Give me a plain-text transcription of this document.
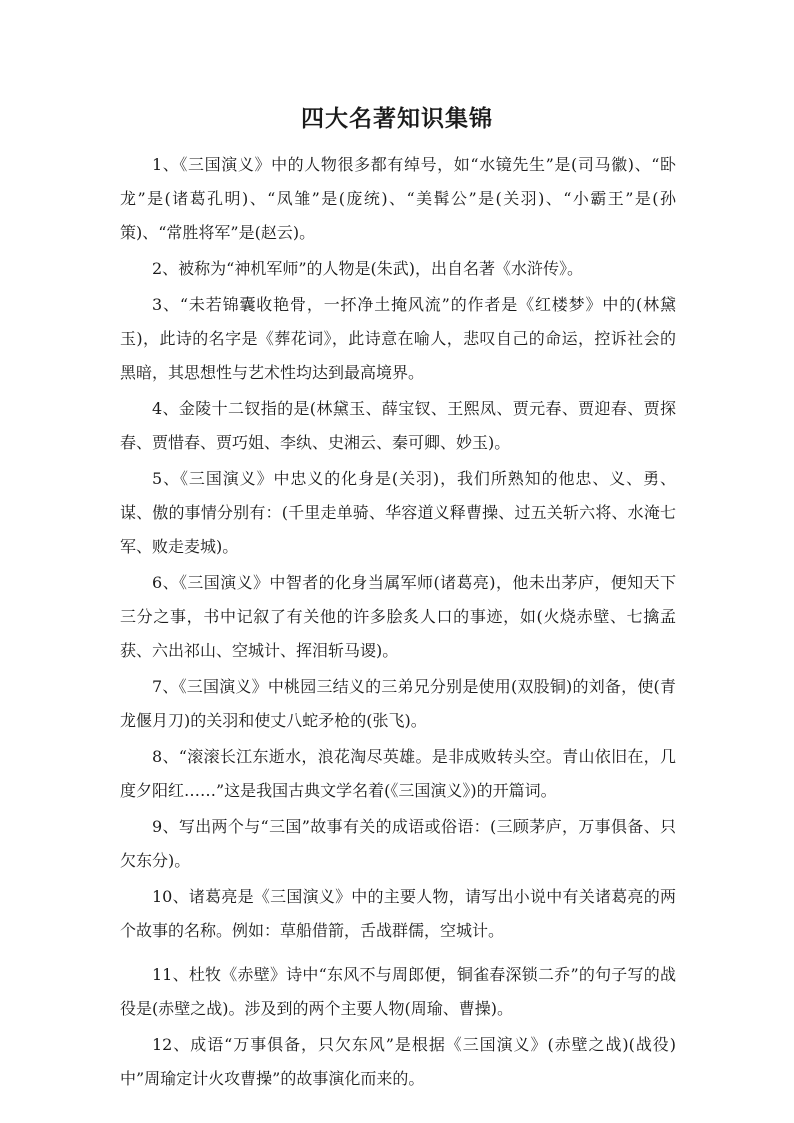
四大名著知识集锦

1、《三国演义》中的人物很多都有绰号，如“水镜先生”是(司马徽)、“卧龙”是(诸葛孔明)、“凤雏”是(庞统)、“美髯公”是(关羽)、“小霸王”是(孙策)、“常胜将军”是(赵云)。

2、被称为“神机军师”的人物是(朱武)，出自名著《水浒传》。

3、“未若锦囊收艳骨，一抔净土掩风流”的作者是《红楼梦》中的(林黛玉)，此诗的名字是《葬花词》，此诗意在喻人，悲叹自己的命运，控诉社会的黑暗，其思想性与艺术性均达到最高境界。

4、金陵十二钗指的是(林黛玉、薛宝钗、王熙凤、贾元春、贾迎春、贾探春、贾惜春、贾巧姐、李纨、史湘云、秦可卿、妙玉)。

5、《三国演义》中忠义的化身是(关羽)，我们所熟知的他忠、义、勇、谋、傲的事情分别有：(千里走单骑、华容道义释曹操、过五关斩六将、水淹七军、败走麦城)。

6、《三国演义》中智者的化身当属军师(诸葛亮)，他未出茅庐，便知天下三分之事，书中记叙了有关他的许多脍炙人口的事迹，如(火烧赤壁、七擒孟获、六出祁山、空城计、挥泪斩马谡)。

7、《三国演义》中桃园三结义的三弟兄分别是使用(双股铜)的刘备，使(青龙偃月刀)的关羽和使丈八蛇矛枪的(张飞)。

8、“滚滚长江东逝水，浪花淘尽英雄。是非成败转头空。青山依旧在，几度夕阳红……”这是我国古典文学名着(《三国演义》)的开篇词。

9、写出两个与“三国”故事有关的成语或俗语：(三顾茅庐，万事俱备、只欠东分)。

10、诸葛亮是《三国演义》中的主要人物，请写出小说中有关诸葛亮的两个故事的名称。例如：草船借箭，舌战群儒，空城计。

11、杜牧《赤壁》诗中“东风不与周郎便，铜雀春深锁二乔”的句子写的战役是(赤壁之战)。涉及到的两个主要人物(周瑜、曹操)。

12、成语“万事俱备，只欠东风”是根据《三国演义》(赤壁之战)(战役)中”周瑜定计火攻曹操”的故事演化而来的。
